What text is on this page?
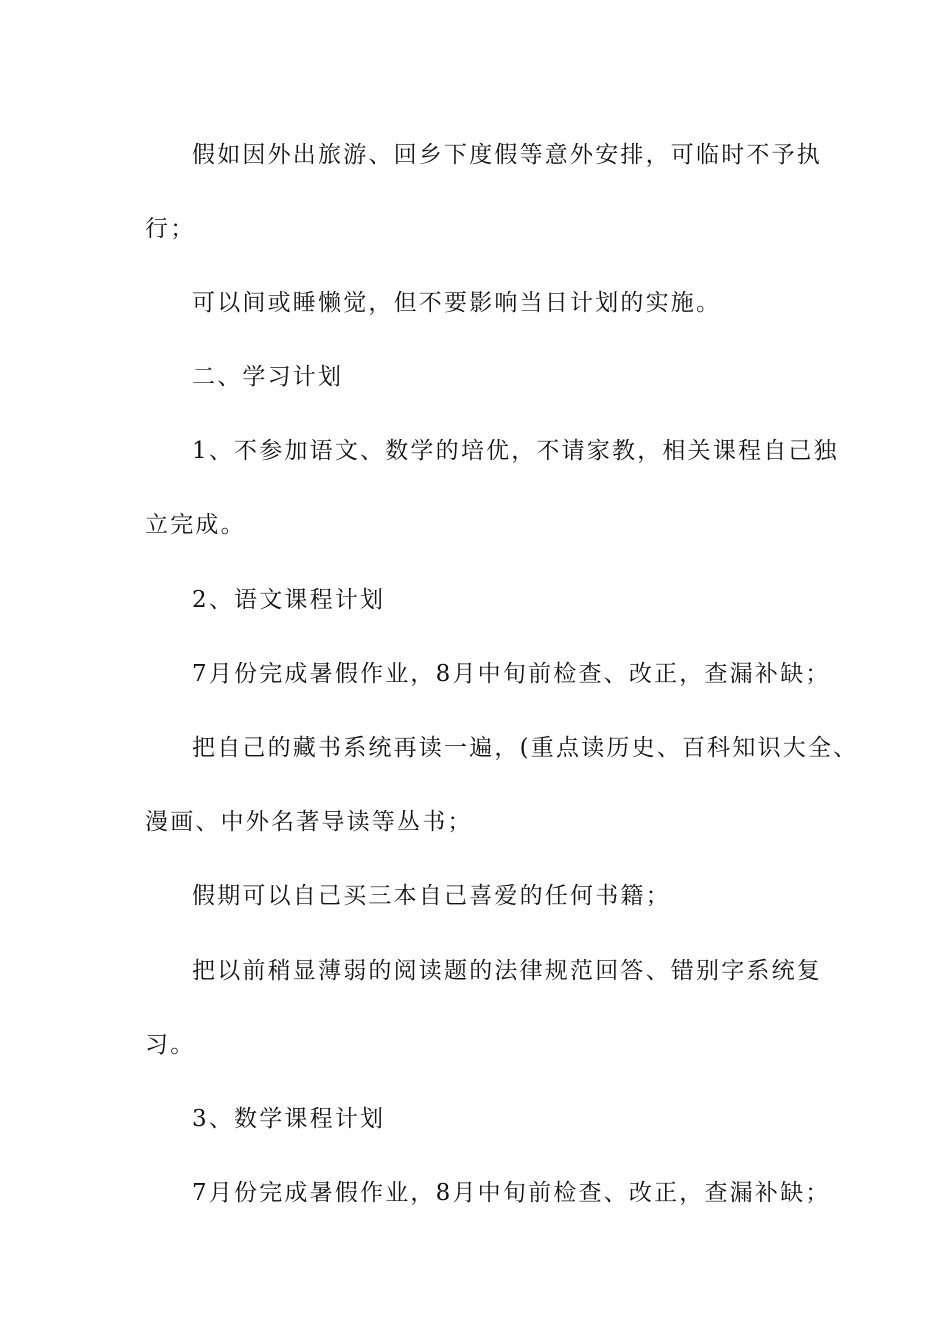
假如因外出旅游、回乡下度假等意外安排，可临时不予执
行；
可以间或睡懒觉，但不要影响当日计划的实施。
二、学习计划
1、不参加语文、数学的培优，不请家教，相关课程自己独
立完成。
2、语文课程计划
7月份完成暑假作业，8月中旬前检查、改正，查漏补缺；
把自己的藏书系统再读一遍，(重点读历史、百科知识大全、
漫画、中外名著导读等丛书；
假期可以自己买三本自己喜爱的任何书籍；
把以前稍显薄弱的阅读题的法律规范回答、错别字系统复
习。
3、数学课程计划
7月份完成暑假作业，8月中旬前检查、改正，查漏补缺；
